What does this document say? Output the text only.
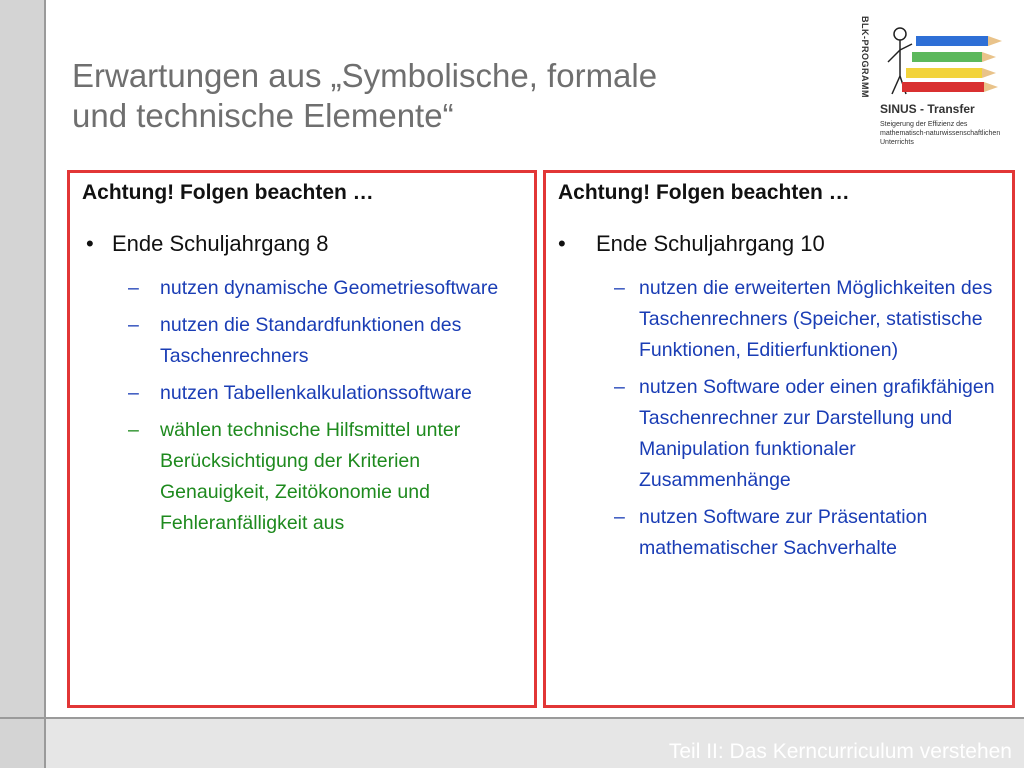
Erwartungen aus „Symbolische, formale
und technische Elemente“
BLK-PROGRAMM
SINUS - Transfer
Steigerung der Effizienz des mathematisch-naturwissenschaftlichen Unterrichts
Achtung! Folgen beachten …
• Ende Schuljahrgang 8
– nutzen dynamische Geometriesoftware
– nutzen die Standardfunktionen des Taschenrechners
– nutzen Tabellenkalkulationssoftware
– wählen technische Hilfsmittel unter Berücksichtigung der Kriterien Genauigkeit, Zeitökonomie und Fehleranfälligkeit aus
Achtung! Folgen beachten …
• Ende Schuljahrgang 10
– nutzen die erweiterten Möglichkeiten des Taschenrechners (Speicher, statistische Funktionen, Editierfunktionen)
– nutzen Software oder einen grafikfähigen Taschenrechner zur Darstellung und Manipulation funktionaler Zusammenhänge
– nutzen Software zur Präsentation mathematischer Sachverhalte
Teil II: Das Kerncurriculum verstehen
